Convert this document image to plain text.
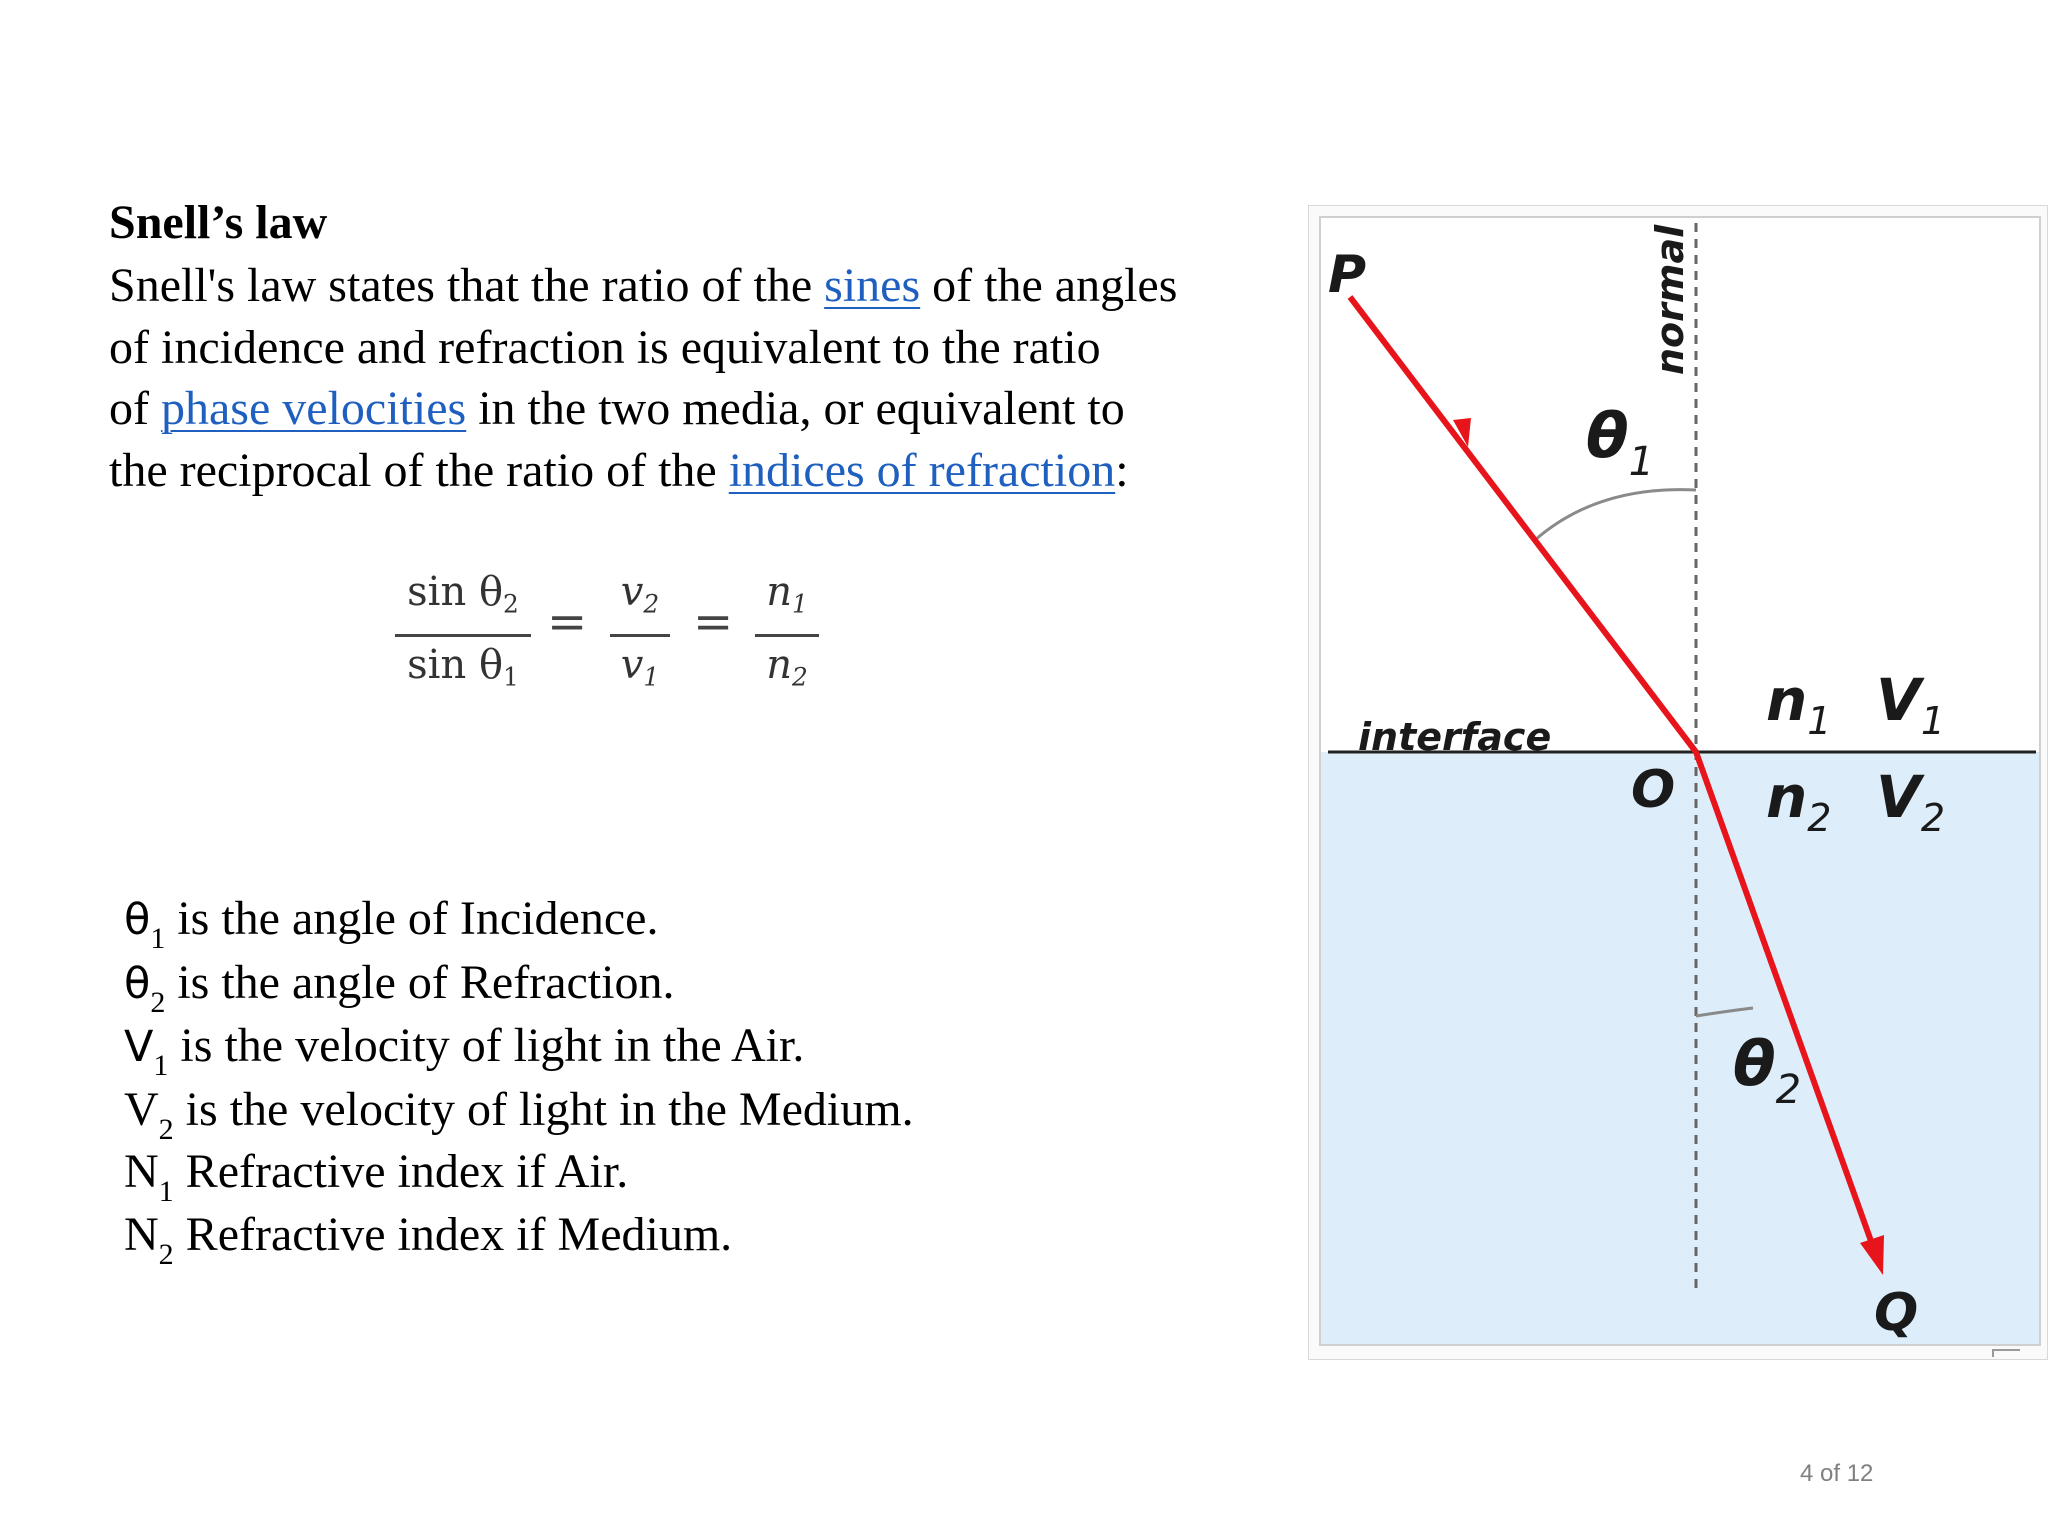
Snell’s law
Snell's law states that the ratio of the sines of the angles
of incidence and refraction is equivalent to the ratio
of phase velocities in the two media, or equivalent to
the reciprocal of the ratio of the indices of refraction:
$\sin \theta_2$
$\sin \theta_1$
=
$v_2$
$v_1$
=
$n_1$
$n_2$
$\theta_1$ is the angle of Incidence.
$\theta_2$ is the angle of Refraction.
$V_1$ is the velocity of light in the Air.
$V_2$ is the velocity of light in the Medium.
$N_1$ Refractive index if Air.
$N_2$ Refractive index if Medium.
P
Q
O
normal
interface
$\theta_1$
$\theta_2$
$n_1$ $V_1$
$n_2$ $V_2$
4 of 12
